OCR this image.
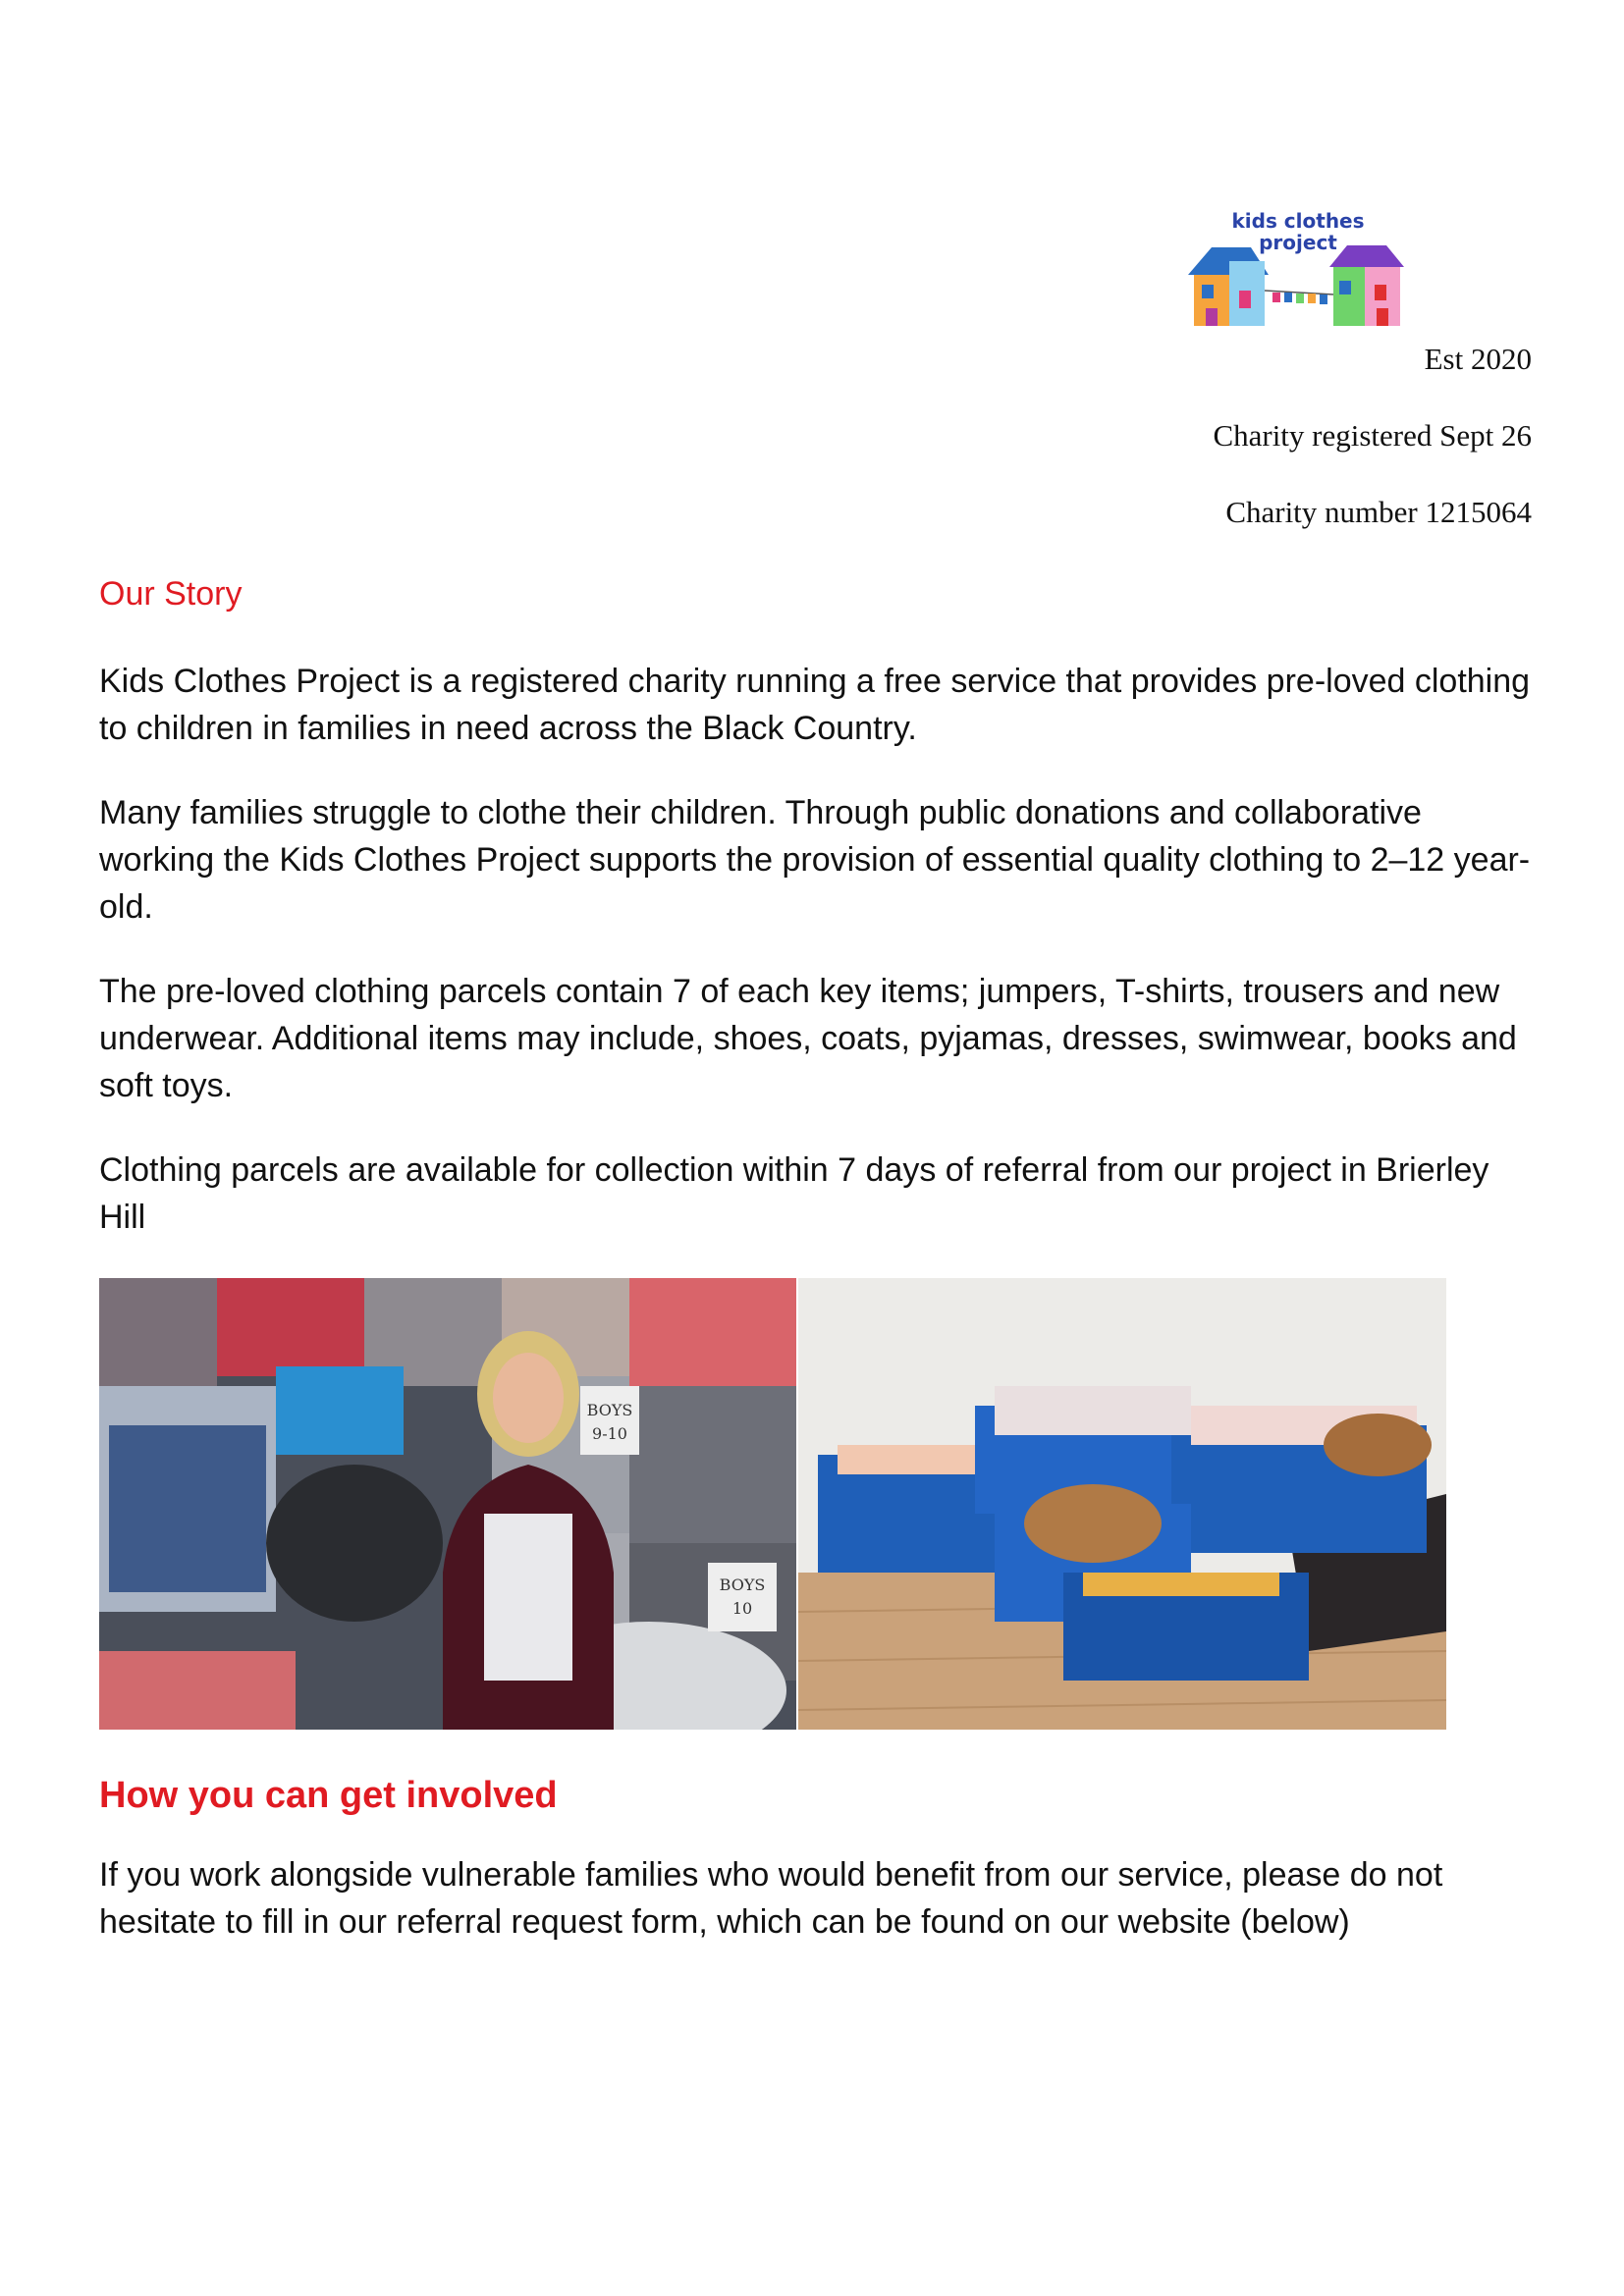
kids clothes
project
Est 2020
Charity registered Sept 26
Charity number 1215064
Our Story

Kids Clothes Project is a registered charity running a free service that provides pre-loved clothing to children in families in need across the Black Country.

Many families struggle to clothe their children. Through public donations and collaborative working the Kids Clothes Project supports the provision of essential quality clothing to 2–12 year-old.

The pre-loved clothing parcels contain 7 of each key items; jumpers, T-shirts, trousers and new underwear. Additional items may include, shoes, coats, pyjamas, dresses, swimwear, books and soft toys.

Clothing parcels are available for collection within 7 days of referral from our project in Brierley Hill

BOYS
9-10
BOYS
10
How you can get involved

If you work alongside vulnerable families who would benefit from our service, please do not hesitate to fill in our referral request form, which can be found on our website (below)
